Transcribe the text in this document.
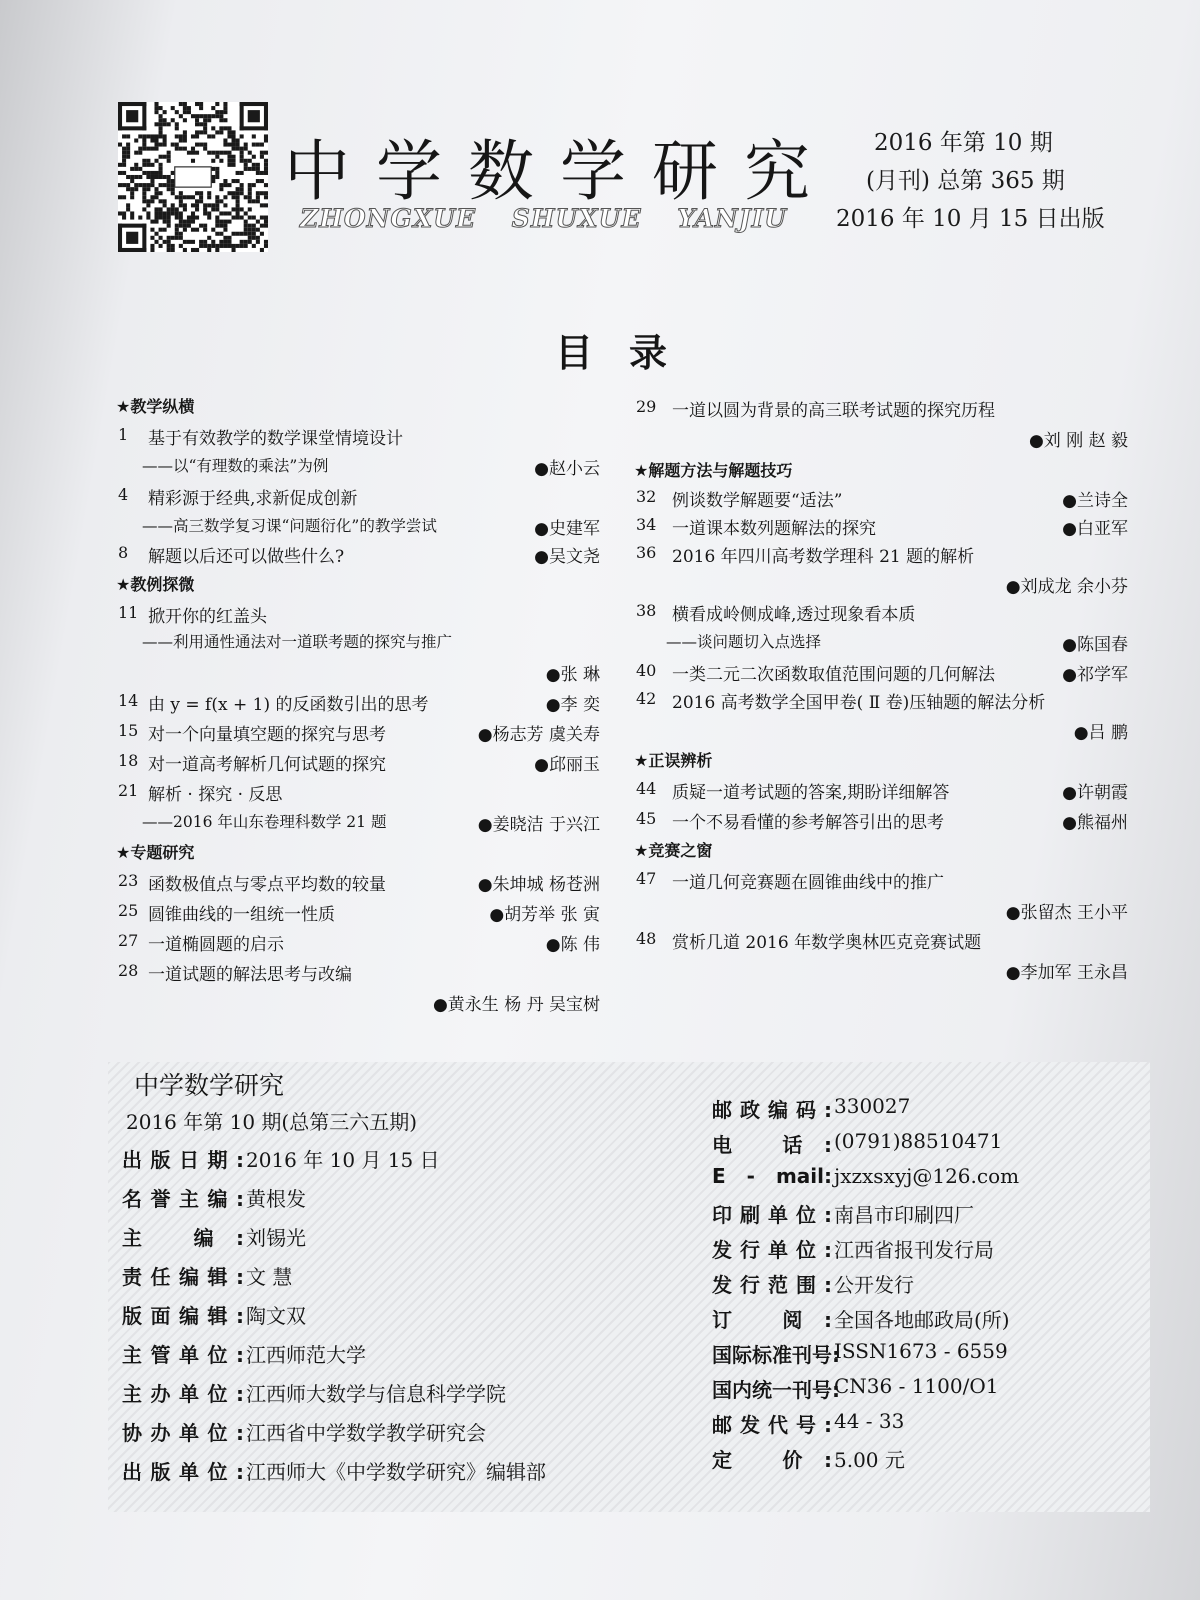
中学数学研究
ZHONGXUE SHUXUE YANJIU
2016 年第 10 期
(月刊) 总第 365 期
2016 年 10 月 15 日出版
目录
★教学纵横
1 基于有效教学的数学课堂情境设计
——以“有理数的乘法”为例	●赵小云
4 精彩源于经典,求新促成创新
——高三数学复习课“问题衍化”的教学尝试	●史建军
8 解题以后还可以做些什么?	●吴文尧
★教例探微
11 掀开你的红盖头
——利用通性通法对一道联考题的探究与推广
●张 琳
14 由 y = f(x + 1) 的反函数引出的思考	●李 奕
15 对一个向量填空题的探究与思考	●杨志芳 虞关寿
18 对一道高考解析几何试题的探究	●邱丽玉
21 解析 · 探究 · 反思
——2016 年山东卷理科数学 21 题	●姜晓洁 于兴江
★专题研究
23 函数极值点与零点平均数的较量	●朱坤城 杨苍洲
25 圆锥曲线的一组统一性质	●胡芳举 张 寅
27 一道椭圆题的启示	●陈 伟
28 一道试题的解法思考与改编
●黄永生 杨 丹 吴宝树
29 一道以圆为背景的高三联考试题的探究历程
●刘 刚 赵 毅
★解题方法与解题技巧
32 例谈数学解题要“适法”	●兰诗全
34 一道课本数列题解法的探究	●白亚军
36 2016 年四川高考数学理科 21 题的解析
●刘成龙 余小芬
38 横看成岭侧成峰,透过现象看本质
——谈问题切入点选择	●陈国春
40 一类二元二次函数取值范围问题的几何解法	●祁学军
42 2016 高考数学全国甲卷( Ⅱ 卷)压轴题的解法分析
●吕 鹏
★正误辨析
44 质疑一道考试题的答案,期盼详细解答	●许朝霞
45 一个不易看懂的参考解答引出的思考	●熊福州
★竞赛之窗
47 一道几何竞赛题在圆锥曲线中的推广
●张留杰 王小平
48 赏析几道 2016 年数学奥林匹克竞赛试题
●李加军 王永昌
中学数学研究
2016 年第 10 期(总第三六五期)
出版日期: 2016 年 10 月 15 日
名誉主编: 黄根发
主 编: 刘锡光
责任编辑: 文 慧
版面编辑: 陶文双
主管单位: 江西师范大学
主办单位: 江西师大数学与信息科学学院
协办单位: 江西省中学数学教学研究会
出版单位: 江西师大《中学数学研究》编辑部
邮政编码: 330027
电 话: (0791)88510471
E - mail: jxzxsxyj@126.com
印刷单位: 南昌市印刷四厂
发行单位: 江西省报刊发行局
发行范围: 公开发行
订 阅: 全国各地邮政局(所)
国际标准刊号:
ISSN1673 - 6559
国内统一刊号:
CN36 - 1100/O1
邮发代号: 44 - 33
定 价: 5.00 元
